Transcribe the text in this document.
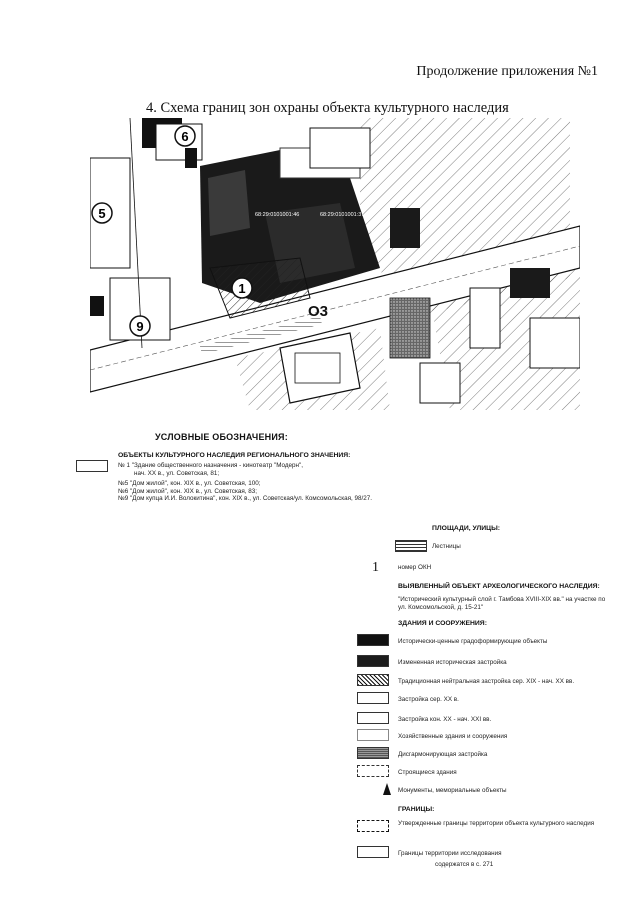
Продолжение приложения №1
4. Схема границ зон охраны объекта культурного наследия
6
5
1
9
О3
68:29:0101001:46	68:29:0101001:37
УСЛОВНЫЕ ОБОЗНАЧЕНИЯ:
ОБЪЕКТЫ КУЛЬТУРНОГО НАСЛЕДИЯ РЕГИОНАЛЬНОГО ЗНАЧЕНИЯ:
№ 1 "Здание общественного назначения - кинотеатр "Модерн",
нач. XX в., ул. Советская, 81;
№5 "Дом жилой", кон. XIX в., ул. Советская, 100;
№6 "Дом жилой", кон. XIX в., ул. Советская, 83;
№9 "Дом купца И.И. Волокитина", кон. XIX в., ул. Советская/ул. Комсомольская, 98/27.
ПЛОЩАДИ, УЛИЦЫ:
Лестницы
1	номер ОКН
ВЫЯВЛЕННЫЙ ОБЪЕКТ АРХЕОЛОГИЧЕСКОГО НАСЛЕДИЯ:
"Исторический культурный слой г. Тамбова XVIII-XIX вв." на участке по ул. Комсомольской, д. 15-21"
ЗДАНИЯ И СООРУЖЕНИЯ:
Исторически-ценные градоформирующие объекты
Измененная историческая застройка
Традиционная нейтральная застройка сер. XIX - нач. XX вв.
Застройка сер. XX в.
Застройка кон. XX - нач. XXI вв.
Хозяйственные здания и сооружения
Дисгармонирующая застройка
Строящиеся здания
Монументы, мемориальные объекты
ГРАНИЦЫ:
Утвержденные границы территории объекта культурного наследия
Границы территории исследования
содержатся в с. 271
